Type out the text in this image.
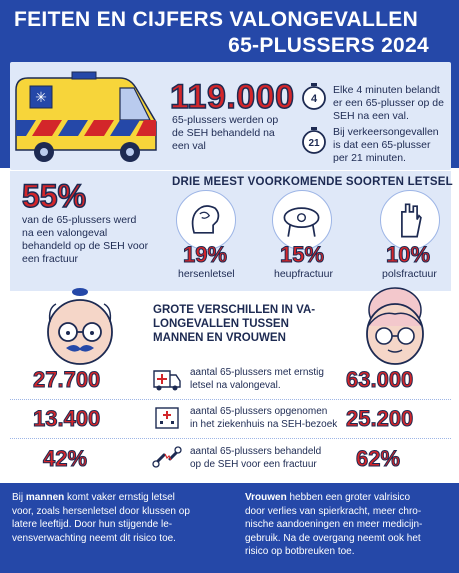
FEITEN EN CIJFERS VALONGEVALLEN
65-PLUSSERS 2024
✳	119.000
65-plussers werden op de SEH behandeld na een val
4
Elke 4 minuten belandt er een 65-plusser op de SEH na een val.
21
Bij verkeersongevallen is dat een 65-plusser per 21 minuten.
55%
van de 65-plussers werd na een valongeval behandeld op de SEH voor een fractuur
DRIE MEEST VOORKOMENDE SOORTEN LETSEL
19%
hersenletsel
15%
heupfractuur
10%
polsfractuur
GROTE VERSCHILLEN IN VA-
LONGEVALLEN TUSSEN
MANNEN EN VROUWEN
27.700	aantal 65-plussers met ernstig
letsel na valongeval.	63.000
13.400	aantal 65-plussers opgenomen
in het ziekenhuis na SEH-bezoek 25.200
42%	aantal 65-plussers behandeld
op de SEH voor een fractuur	62%
Bij mannen komt vaker ernstig letsel
voor, zoals hersenletsel door klussen op
latere leeftijd. Door hun stijgende le-
vensverwachting neemt dit risico toe.
Vrouwen hebben een groter valrisico
door verlies van spierkracht, meer chro-
nische aandoeningen en meer medicijn-
gebruik. Na de overgang neemt ook het
risico op botbreuken toe.
